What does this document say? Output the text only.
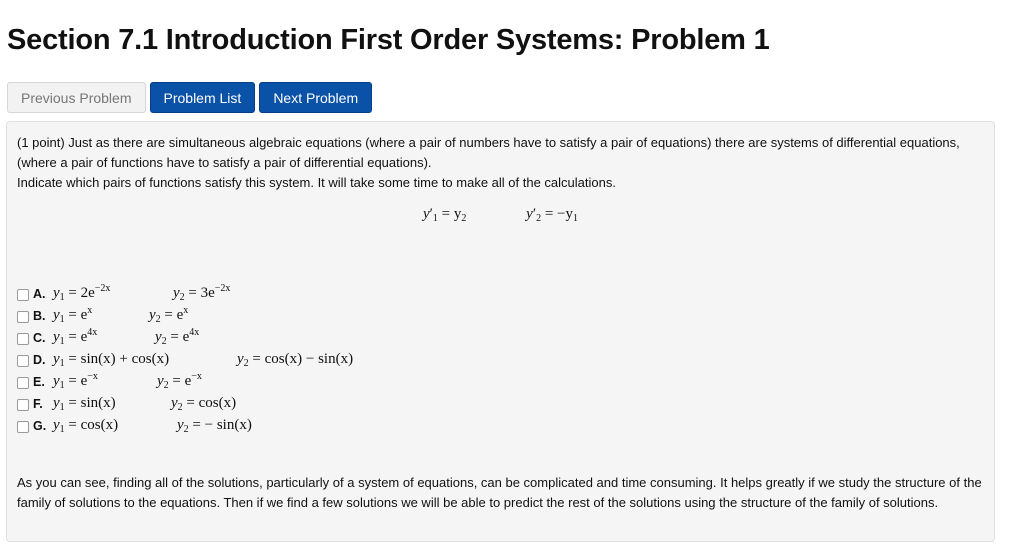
Section 7.1 Introduction First Order Systems: Problem 1
Previous Problem	Problem List	Next Problem

(1 point) Just as there are simultaneous algebraic equations (where a pair of numbers have to satisfy a pair of equations) there are systems of differential equations, (where a pair of functions have to satisfy a pair of differential equations).
Indicate which pairs of functions satisfy this system. It will take some time to make all of the calculations.

$y'_1 = y_2$	$y'_2 = -y_1$
A. $y_1 = 2e^{-2x}$	$y_2 = 3e^{-2x}$
B. $y_1 = e^x$	$y_2 = e^x$
C. $y_1 = e^{4x}$	$y_2 = e^{4x}$
D. $y_1 = \sin(x) + \cos(x)$	$y_2 = \cos(x) - \sin(x)$
E. $y_1 = e^{-x}$	$y_2 = e^{-x}$
F. $y_1 = \sin(x)$	$y_2 = \cos(x)$
G. $y_1 = \cos(x)$	$y_2$ = − sin(x)

As you can see, finding all of the solutions, particularly of a system of equations, can be complicated and time consuming. It helps greatly if we study the structure of the family of solutions to the equations. Then if we find a few solutions we will be able to predict the rest of the solutions using the structure of the family of solutions.
